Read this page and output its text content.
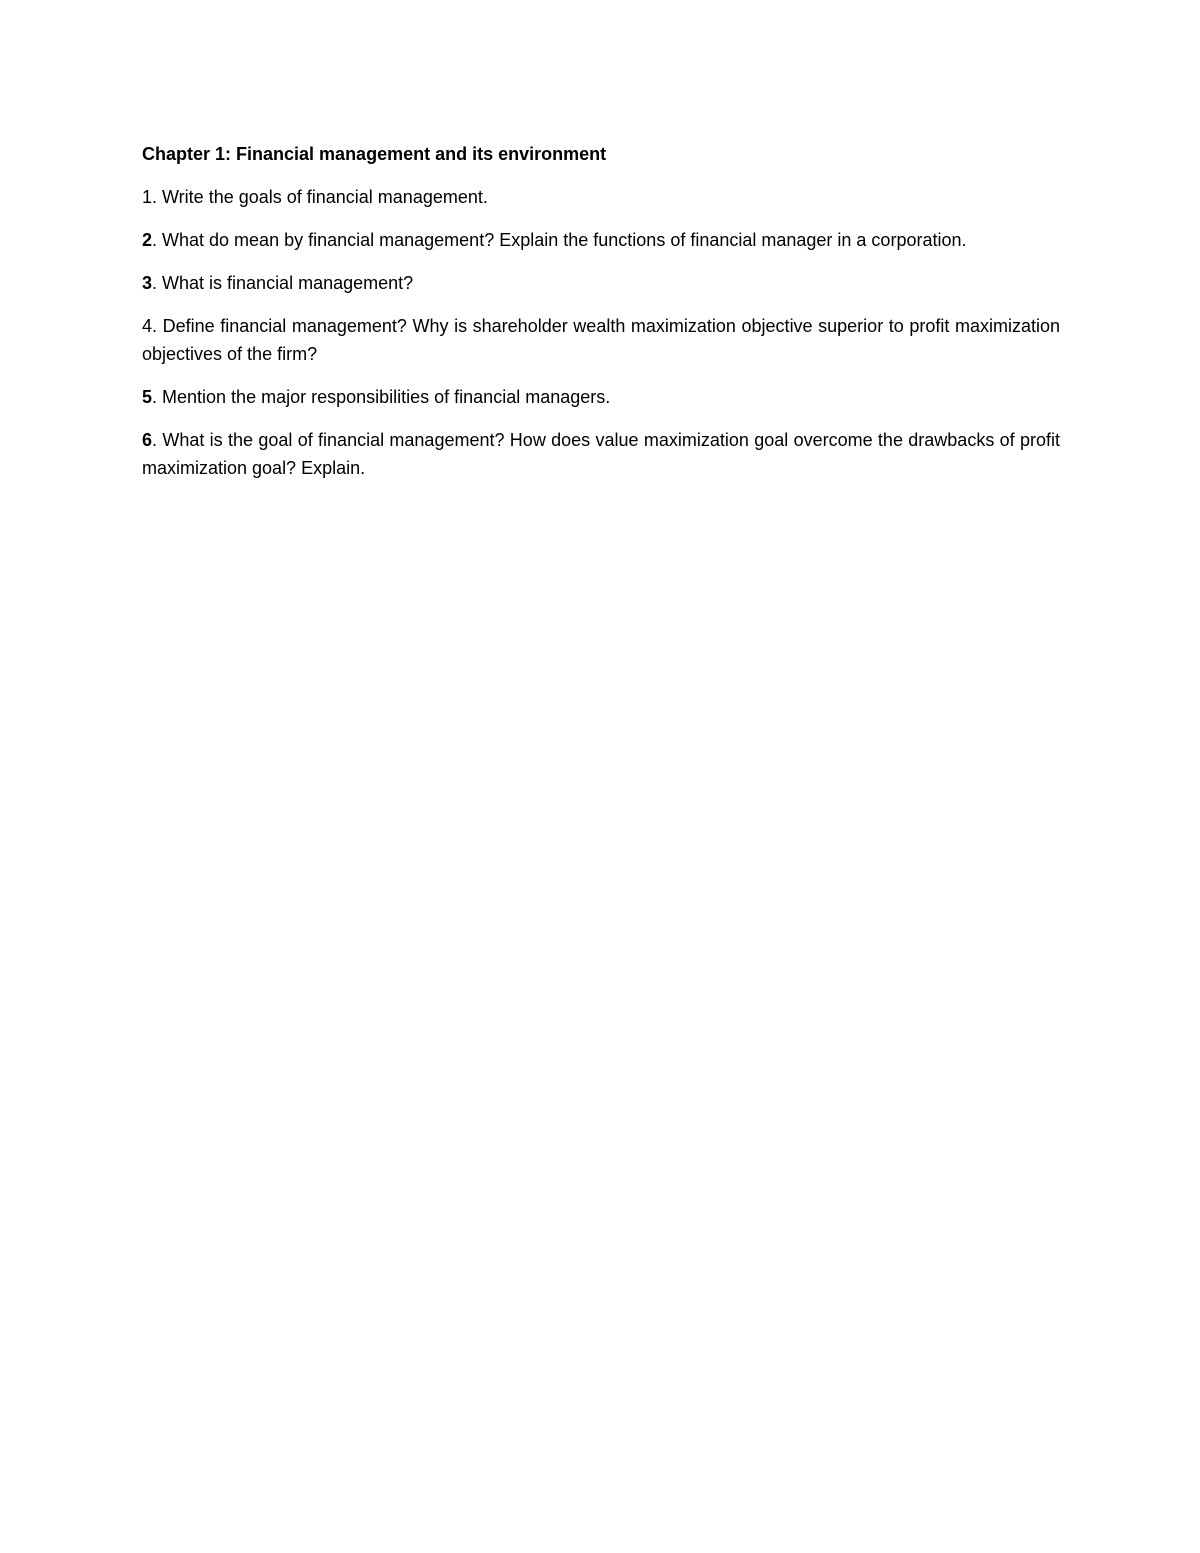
Chapter 1: Financial management and its environment
1. Write the goals of financial management.
2. What do mean by financial management? Explain the functions of financial manager in a corporation.
3. What is financial management?
4. Define financial management? Why is shareholder wealth maximization objective superior to profit maximization objectives of the firm?
5. Mention the major responsibilities of financial managers.
6. What is the goal of financial management? How does value maximization goal overcome the drawbacks of profit maximization goal? Explain.
